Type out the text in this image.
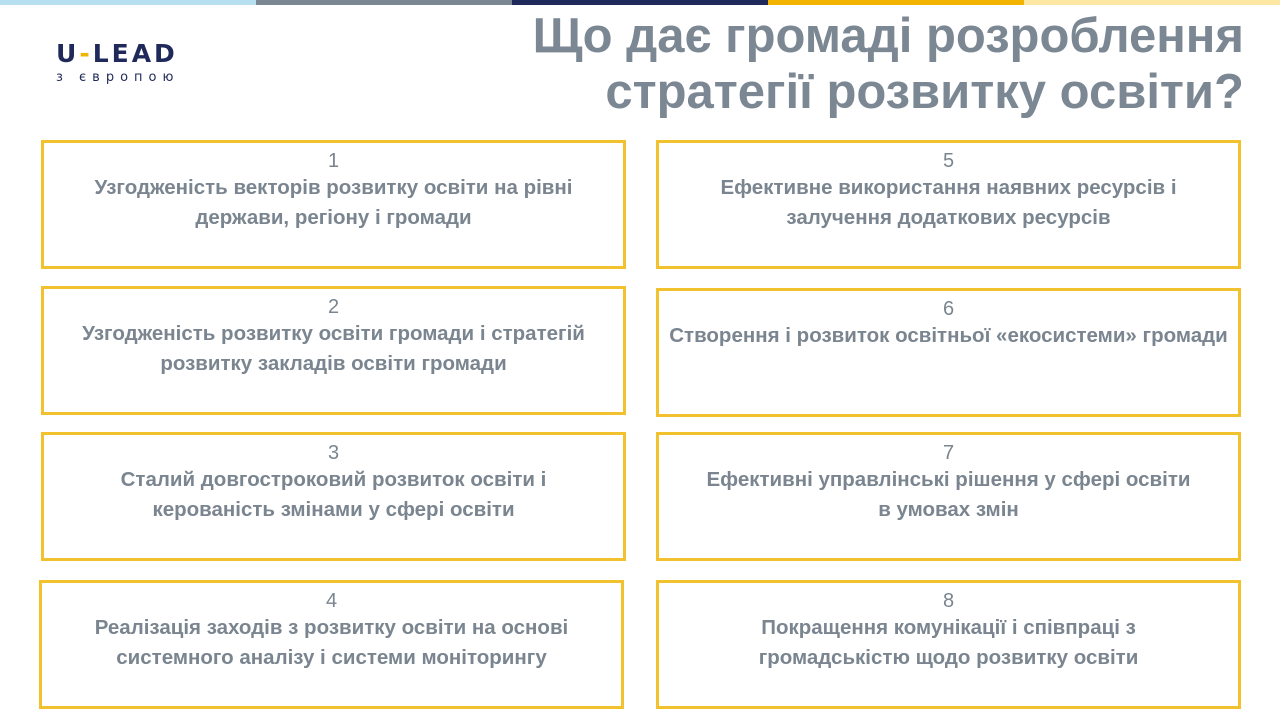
U-LEAD
з європою
Що дає громаді розроблення
стратегії розвитку освіти?
1
Узгодженість векторів розвитку освіти на рівні держави, регіону і громади
2
Узгодженість розвитку освіти громади і стратегій розвитку закладів освіти громади
3
Сталий довгостроковий розвиток освіти і керованість змінами у сфері освіти
4
Реалізація заходів з розвитку освіти на основі системного аналізу і системи моніторингу
5
Ефективне використання наявних ресурсів і залучення додаткових ресурсів
6
Створення і розвиток освітньої «екосистеми» громади
7
Ефективні управлінські рішення у сфері освіти в умовах змін
8
Покращення комунікації і співпраці з громадськістю щодо розвитку освіти
